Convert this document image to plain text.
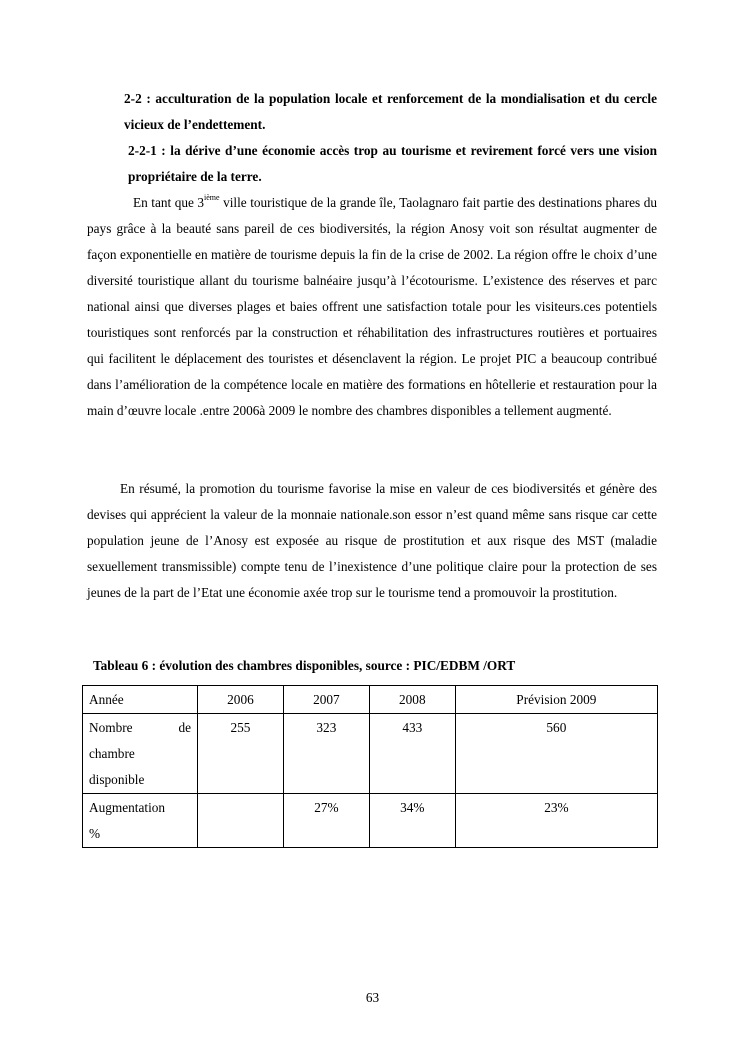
2-2 : acculturation de la population locale et renforcement de la mondialisation et du cercle vicieux de l’endettement.

2-2-1 : la dérive d’une économie accès trop au tourisme et revirement forcé vers une vision propriétaire de la terre.

En tant que 3ième ville touristique de la grande île, Taolagnaro fait partie des destinations phares du pays grâce à la beauté sans pareil de ces biodiversités, la région Anosy voit son résultat augmenter de façon exponentielle en matière de tourisme depuis la fin de la crise de 2002. La région offre le choix d’une diversité touristique allant du tourisme balnéaire jusqu’à l’écotourisme. L’existence des réserves et parc national ainsi que diverses plages et baies offrent une satisfaction totale pour les visiteurs.ces potentiels touristiques sont renforcés par la construction et réhabilitation des infrastructures routières et portuaires qui facilitent le déplacement des touristes et désenclavent la région. Le projet PIC a beaucoup contribué dans l’amélioration de la compétence locale en matière des formations en hôtellerie et restauration pour la main d’œuvre locale .entre 2006à 2009 le nombre des chambres disponibles a tellement augmenté.

En résumé, la promotion du tourisme favorise la mise en valeur de ces biodiversités et génère des devises qui apprécient la valeur de la monnaie nationale.son essor n’est quand même sans risque car cette population jeune de l’Anosy est exposée au risque de prostitution et aux risque des MST (maladie sexuellement transmissible) compte tenu de l’inexistence d’une politique claire pour la protection de ses jeunes de la part de l’Etat une économie axée trop sur le tourisme tend a promouvoir la prostitution.

Tableau 6 : évolution des chambres disponibles, source : PIC/EDBM /ORT

Année	2006	2007	2008	Prévision 2009

Nombre de
chambre
disponible	255	323	433	560

Augmentation
%		27%	34%	23%
63
